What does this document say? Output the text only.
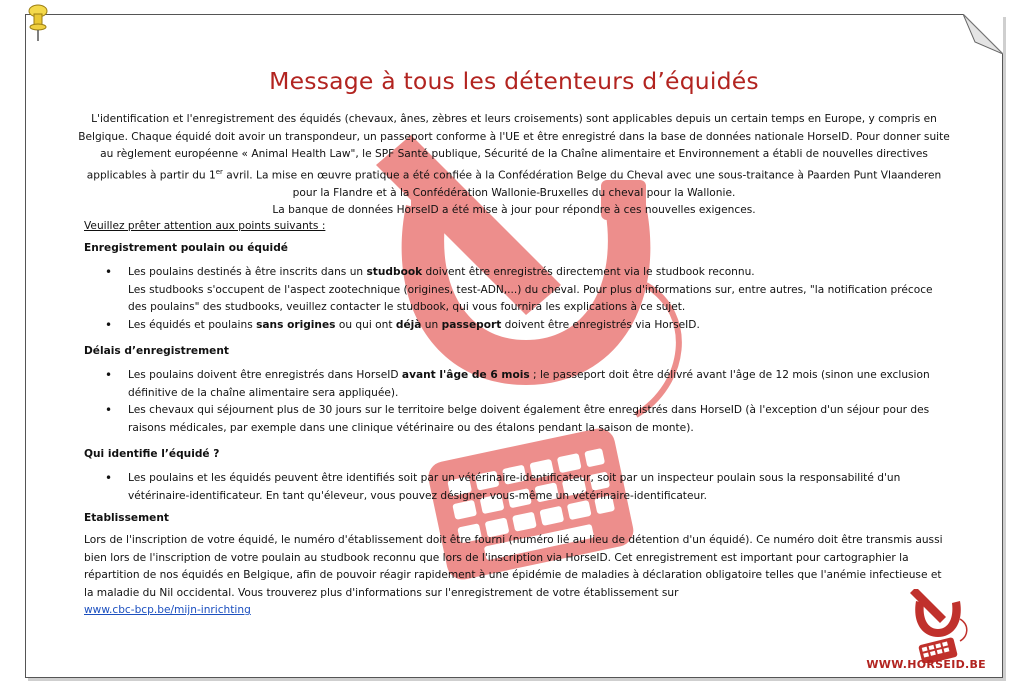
Message à tous les détenteurs d’équidés
L'identification et l'enregistrement des équidés (chevaux, ânes, zèbres et leurs croisements) sont applicables depuis un certain temps en Europe, y compris en Belgique. Chaque équidé doit avoir un transpondeur, un passeport conforme à l'UE et être enregistré dans la base de données nationale HorseID. Pour donner suite au règlement européenne « Animal Health Law", le SPF Santé publique, Sécurité de la Chaîne alimentaire et Environnement a établi de nouvelles directives applicables à partir du 1er avril. La mise en œuvre pratique a été confiée à la Confédération Belge du Cheval avec une sous-traitance à Paarden Punt Vlaanderen pour la Flandre et à la Confédération Wallonie-Bruxelles du cheval pour la Wallonie.
La banque de données HorseID a été mise à jour pour répondre à ces nouvelles exigences.
Veuillez prêter attention aux points suivants :
Enregistrement poulain ou équidé
• Les poulains destinés à être inscrits dans un studbook doivent être enregistrés directement via le studbook reconnu.
Les studbooks s'occupent de l'aspect zootechnique (origines, test-ADN,...) du cheval. Pour plus d'informations sur, entre autres, "la notification précoce des poulains" des studbooks, veuillez contacter le studbook, qui vous fournira les explications à ce sujet.
• Les équidés et poulains sans origines ou qui ont déjà un passeport doivent être enregistrés via HorseID.
Délais d’enregistrement
• Les poulains doivent être enregistrés dans HorseID avant l'âge de 6 mois ; le passeport doit être délivré avant l'âge de 12 mois (sinon une exclusion définitive de la chaîne alimentaire sera appliquée).
• Les chevaux qui séjournent plus de 30 jours sur le territoire belge doivent également être enregistrés dans HorseID (à l'exception d'un séjour pour des raisons médicales, par exemple dans une clinique vétérinaire ou des étalons pendant la saison de monte).
Qui identifie l’équidé ?
• Les poulains et les équidés peuvent être identifiés soit par un vétérinaire-identificateur, soit par un inspecteur poulain sous la responsabilité d'un vétérinaire-identificateur. En tant qu'éleveur, vous pouvez désigner vous-même un vétérinaire-identificateur.
Etablissement
Lors de l'inscription de votre équidé, le numéro d'établissement doit être fourni (numéro lié au lieu de détention d'un équidé). Ce numéro doit être transmis aussi bien lors de l'inscription de votre poulain au studbook reconnu que lors de l'inscription via HorseID. Cet enregistrement est important pour cartographier la répartition de nos équidés en Belgique, afin de pouvoir réagir rapidement à une épidémie de maladies à déclaration obligatoire telles que l'anémie infectieuse et la maladie du Nil occidental. Vous trouverez plus d'informations sur l'enregistrement de votre établissement sur
www.cbc-bcp.be/mijn-inrichting
WWW.HORSEID.BE
